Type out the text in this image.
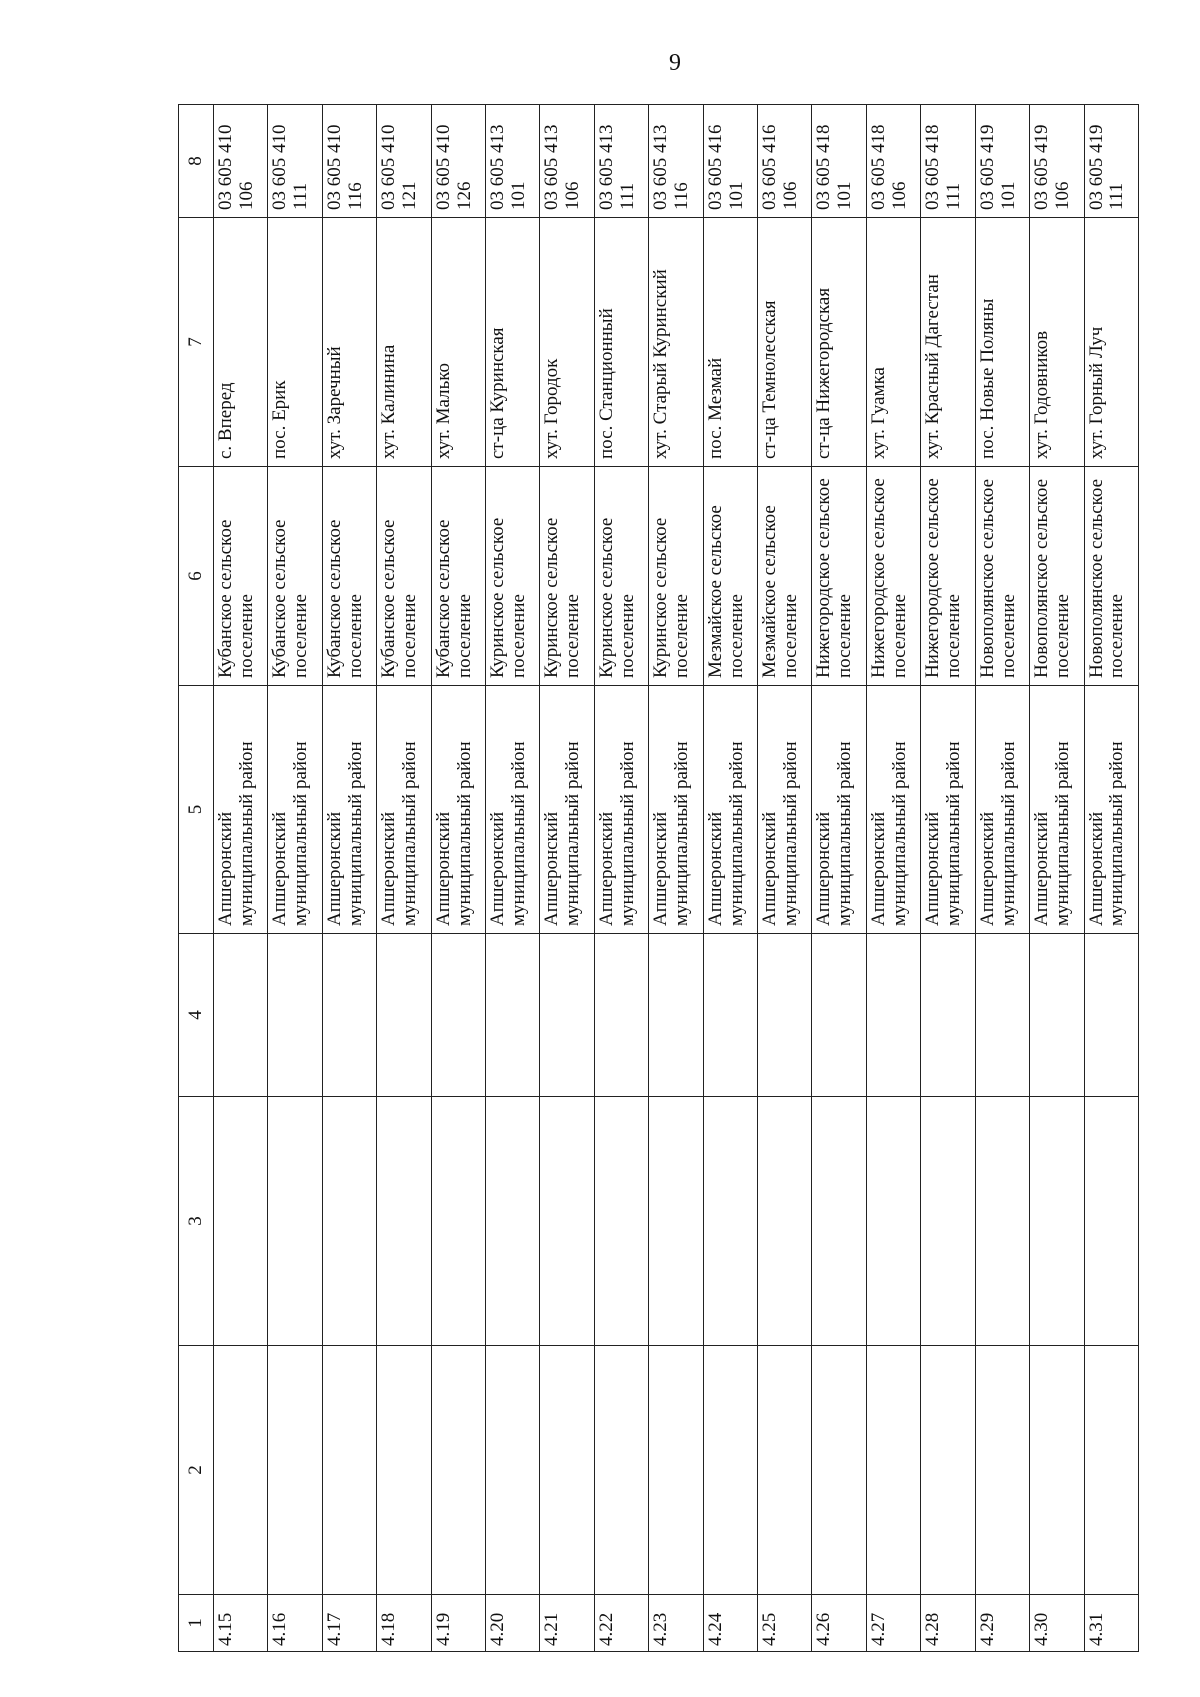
9
1	2	3	4	5	6	7	8
4.15				Апшеронский муниципальный район	Кубанское сельское поселение	с. Вперед	03 605 410 106
4.16				Апшеронский муниципальный район	Кубанское сельское поселение	пос. Ерик	03 605 410 111
4.17				Апшеронский муниципальный район	Кубанское сельское поселение	хут. Заречный	03 605 410 116
4.18				Апшеронский муниципальный район	Кубанское сельское поселение	хут. Калинина	03 605 410 121
4.19				Апшеронский муниципальный район	Кубанское сельское поселение	хут. Малько	03 605 410 126
4.20				Апшеронский муниципальный район	Куринское сельское поселение	ст-ца Куринская	03 605 413 101
4.21				Апшеронский муниципальный район	Куринское сельское поселение	хут. Городок	03 605 413 106
4.22				Апшеронский муниципальный район	Куринское сельское поселение	пос. Станционный	03 605 413 111
4.23				Апшеронский муниципальный район	Куринское сельское поселение	хут. Старый Куринский	03 605 413 116
4.24				Апшеронский муниципальный район	Мезмайское сельское поселение	пос. Мезмай	03 605 416 101
4.25				Апшеронский муниципальный район	Мезмайское сельское поселение	ст-ца Темнолесская	03 605 416 106
4.26				Апшеронский муниципальный район	Нижегородское сельское поселение	ст-ца Нижегородская	03 605 418 101
4.27				Апшеронский муниципальный район	Нижегородское сельское поселение	хут. Гуамка	03 605 418 106
4.28				Апшеронский муниципальный район	Нижегородское сельское поселение	хут. Красный Дагестан	03 605 418 111
4.29				Апшеронский муниципальный район	Новополянское сельское поселение	пос. Новые Поляны	03 605 419 101
4.30				Апшеронский муниципальный район	Новополянское сельское поселение	хут. Годовников	03 605 419 106
4.31				Апшеронский муниципальный район	Новополянское сельское поселение	хут. Горный Луч	03 605 419 111
